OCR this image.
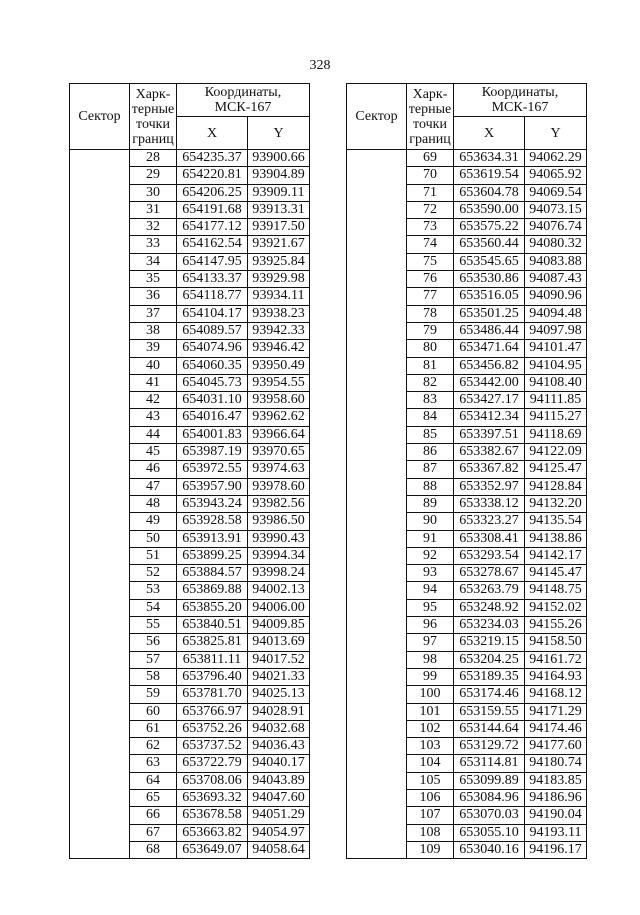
328
Сектор	Харк-
терные
точки
границ	Координаты,
МСК-167	
		X	Y
	28	654235.37	93900.66
	29	654220.81	93904.89
	30	654206.25	93909.11
	31	654191.68	93913.31
	32	654177.12	93917.50
	33	654162.54	93921.67
	34	654147.95	93925.84
	35	654133.37	93929.98
	36	654118.77	93934.11
	37	654104.17	93938.23
	38	654089.57	93942.33
	39	654074.96	93946.42
	40	654060.35	93950.49
	41	654045.73	93954.55
	42	654031.10	93958.60
	43	654016.47	93962.62
	44	654001.83	93966.64
	45	653987.19	93970.65
	46	653972.55	93974.63
	47	653957.90	93978.60
	48	653943.24	93982.56
	49	653928.58	93986.50
	50	653913.91	93990.43
	51	653899.25	93994.34
	52	653884.57	93998.24
	53	653869.88	94002.13
	54	653855.20	94006.00
	55	653840.51	94009.85
	56	653825.81	94013.69
	57	653811.11	94017.52
	58	653796.40	94021.33
	59	653781.70	94025.13
	60	653766.97	94028.91
	61	653752.26	94032.68
	62	653737.52	94036.43
	63	653722.79	94040.17
	64	653708.06	94043.89
	65	653693.32	94047.60
	66	653678.58	94051.29
	67	653663.82	94054.97
	68	653649.07	94058.64
Сектор	Харк-
терные
точки
границ	Координаты,
МСК-167	
		X	Y
	69	653634.31	94062.29
	70	653619.54	94065.92
	71	653604.78	94069.54
	72	653590.00	94073.15
	73	653575.22	94076.74
	74	653560.44	94080.32
	75	653545.65	94083.88
	76	653530.86	94087.43
	77	653516.05	94090.96
	78	653501.25	94094.48
	79	653486.44	94097.98
	80	653471.64	94101.47
	81	653456.82	94104.95
	82	653442.00	94108.40
	83	653427.17	94111.85
	84	653412.34	94115.27
	85	653397.51	94118.69
	86	653382.67	94122.09
	87	653367.82	94125.47
	88	653352.97	94128.84
	89	653338.12	94132.20
	90	653323.27	94135.54
	91	653308.41	94138.86
	92	653293.54	94142.17
	93	653278.67	94145.47
	94	653263.79	94148.75
	95	653248.92	94152.02
	96	653234.03	94155.26
	97	653219.15	94158.50
	98	653204.25	94161.72
	99	653189.35	94164.93
	100	653174.46	94168.12
	101	653159.55	94171.29
	102	653144.64	94174.46
	103	653129.72	94177.60
	104	653114.81	94180.74
	105	653099.89	94183.85
	106	653084.96	94186.96
	107	653070.03	94190.04
	108	653055.10	94193.11
	109	653040.16	94196.17
